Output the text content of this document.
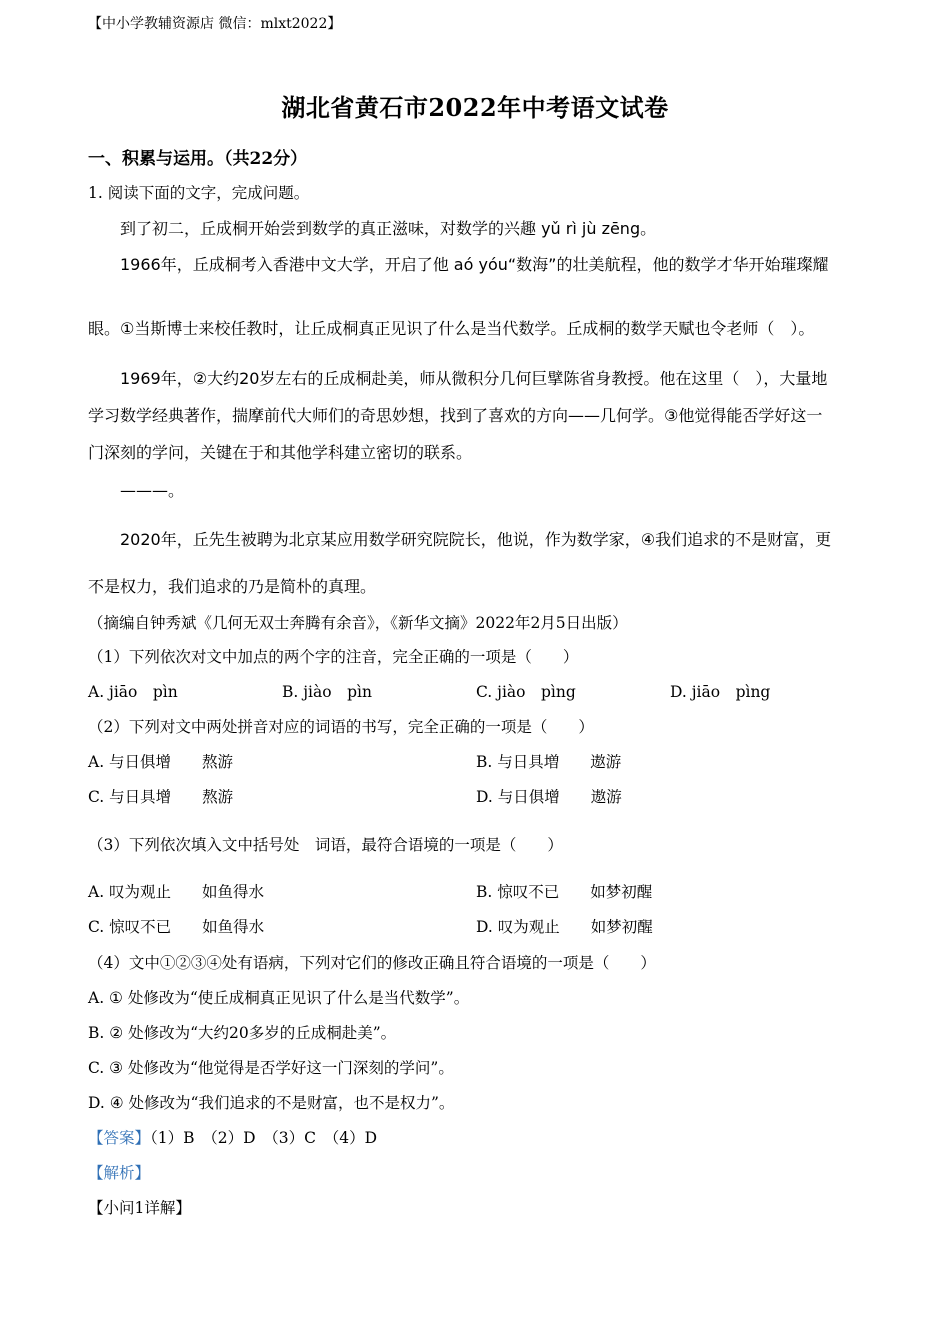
【中小学教辅资源店 微信：mlxt2022】
湖北省黄石市2022年中考语文试卷
一、积累与运用。（共22分）
1. 阅读下面的文字，完成问题。
到了初二，丘成桐开始尝到数学的真正滋味，对数学的兴趣 yǔ rì jù zēng。
1966年，丘成桐考入香港中文大学，开启了他 aó yóu“数海”的壮美航程，他的数学才华开始璀璨耀
眼。①当斯博士来校任教时，让丘成桐真正见识了什么是当代数学。丘成桐的数学天赋也令老师（　）。
1969年，②大约20岁左右的丘成桐赴美，师从微积分几何巨擘陈省身教授。他在这里（　），大量地
学习数学经典著作，揣摩前代大师们的奇思妙想，找到了喜欢的方向——几何学。③他觉得能否学好这一
门深刻的学问，关键在于和其他学科建立密切的联系。
———。
2020年，丘先生被聘为北京某应用数学研究院院长，他说，作为数学家，④我们追求的不是财富，更
不是权力，我们追求的乃是简朴的真理。
（摘编自钟秀斌《几何无双士奔腾有余音》，《新华文摘》2022年2月5日出版）
（1）下列依次对文中加点的两个字的注音，完全正确的一项是（　　）
A. jiāo　pìn	B. jiào　pìn	C. jiào　pìng	D. jiāo　pìng
（2）下列对文中两处拼音对应的词语的书写，完全正确的一项是（　　）
A. 与日俱增　　熬游	B. 与日具増　　遨游
C. 与日具增　　熬游	D. 与日俱增　　遨游
（3）下列依次填入文中括号处　词语，最符合语境的一项是（　　）
A. 叹为观止　　如鱼得水	B. 惊叹不已　　如梦初醒
C. 惊叹不已　　如鱼得水	D. 叹为观止　　如梦初醒
（4）文中①②③④处有语病，下列对它们的修改正确且符合语境的一项是（　　）
A. ① 处修改为“使丘成桐真正见识了什么是当代数学”。
B. ② 处修改为“大约20多岁的丘成桐赴美”。
C. ③ 处修改为“他觉得是否学好这一门深刻的学问”。
D. ④ 处修改为“我们追求的不是财富，也不是权力”。
【答案】（1）B　（2）D　（3）C　（4）D
【解析】
【小问1详解】
